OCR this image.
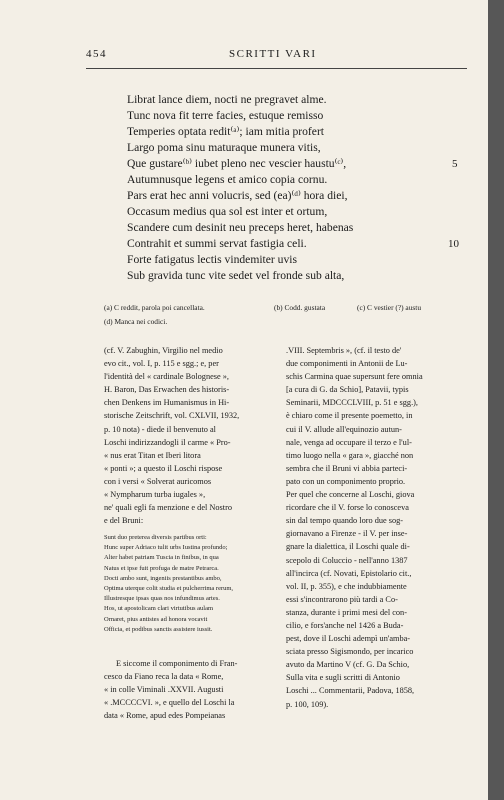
454	SCRITTI VARI
Librat lance diem, nocti ne pregravet alme.
Tunc nova fit terre facies, estuque remisso
Temperies optata redit⁽ᵃ⁾; iam mitia profert
Largo poma sinu maturaque munera vitis,
Que gustare⁽ᵇ⁾ iubet pleno nec vescier haustu⁽ᶜ⁾,
Autumnusque legens et amico copia cornu.
Pars erat hec anni volucris, sed (ea)⁽ᵈ⁾ hora diei,
Occasum medius qua sol est inter et ortum,
Scandere cum desinit neu preceps heret, habenas
Contrahit et summi servat fastigia celi.
Forte fatigatus lectis vindemiter uvis
Sub gravida tunc vite sedet vel fronde sub alta,
5
10
(a) C reddit, parola poi cancellata.	(b) Codd. gustata	(c) C vestier (?) austu
(d) Manca nei codici.
(cf. V. Zabughin, Virgilio nel medio
evo cit., vol. I, p. 115 e sgg.; e, per
l'identità del « cardinale Bolognese »,
H. Baron, Das Erwachen des historis-
chen Denkens im Humanismus in Hi-
storische Zeitschrift, vol. CXLVII, 1932,
p. 10 nota) - diede il benvenuto al
Loschi indirizzandogli il carme « Pro-
« nus erat Titan et Iberi litora
« ponti »; a questo il Loschi rispose
con i versi « Solverat auricomos
« Nympharum turba iugales »,
ne' quali egli fa menzione e del Nostro
e del Bruni:
Sunt duo preterea diversis partibus orti:
Hunc super Adriaco tulit urbs Iustina profundo;
Alter habet patriam Tuscia in finibus, in qua
Natus et ipse fuit profuga de matre Petrarca.
Docti ambo sunt, ingeniis prestantibus ambo,
Optima uterque colit studia et pulcherrima rerum,
Illustresque ipsas quas nos infundimus artes.
Hos, ut apostolicam clari virtutibus aulam
Ornaret, pius antistes ad honora vocavit
Officia, et podibus sanctis assistere iussit.
E siccome il componimento di Fran-
cesco da Fiano reca la data « Rome,
« in colle Viminali .XXVII. Augusti
« .MCCCCVI. », e quello del Loschi la
data « Rome, apud edes Pompeianas
.VIII. Septembris », (cf. il testo de'
due componimenti in Antonii de Lu-
schis Carmina quae supersunt fere omnia
[a cura di G. da Schio], Patavii, typis
Seminarii, MDCCCLVIII, p. 51 e sgg.),
è chiaro come il presente poemetto, in
cui il V. allude all'equinozio autun-
nale, venga ad occupare il terzo e l'ul-
timo luogo nella « gara », giacché non
sembra che il Bruni vi abbia parteci-
pato con un componimento proprio.
Per quel che concerne al Loschi, giova
ricordare che il V. forse lo conosceva
sin dal tempo quando loro due sog-
giornavano a Firenze - il V. per inse-
gnare la dialettica, il Loschi quale di-
scepolo di Coluccio - nell'anno 1387
all'incirca (cf. Novati, Epistolario cit.,
vol. II, p. 355), e che indubbiamente
essi s'incontrarono più tardi a Co-
stanza, durante i primi mesi del con-
cilio, e fors'anche nel 1426 a Buda-
pest, dove il Loschi adempì un'amba-
sciata presso Sigismondo, per incarico
avuto da Martino V (cf. G. Da Schio,
Sulla vita e sugli scritti di Antonio
Loschi ... Commentarii, Padova, 1858,
p. 100, 109).
